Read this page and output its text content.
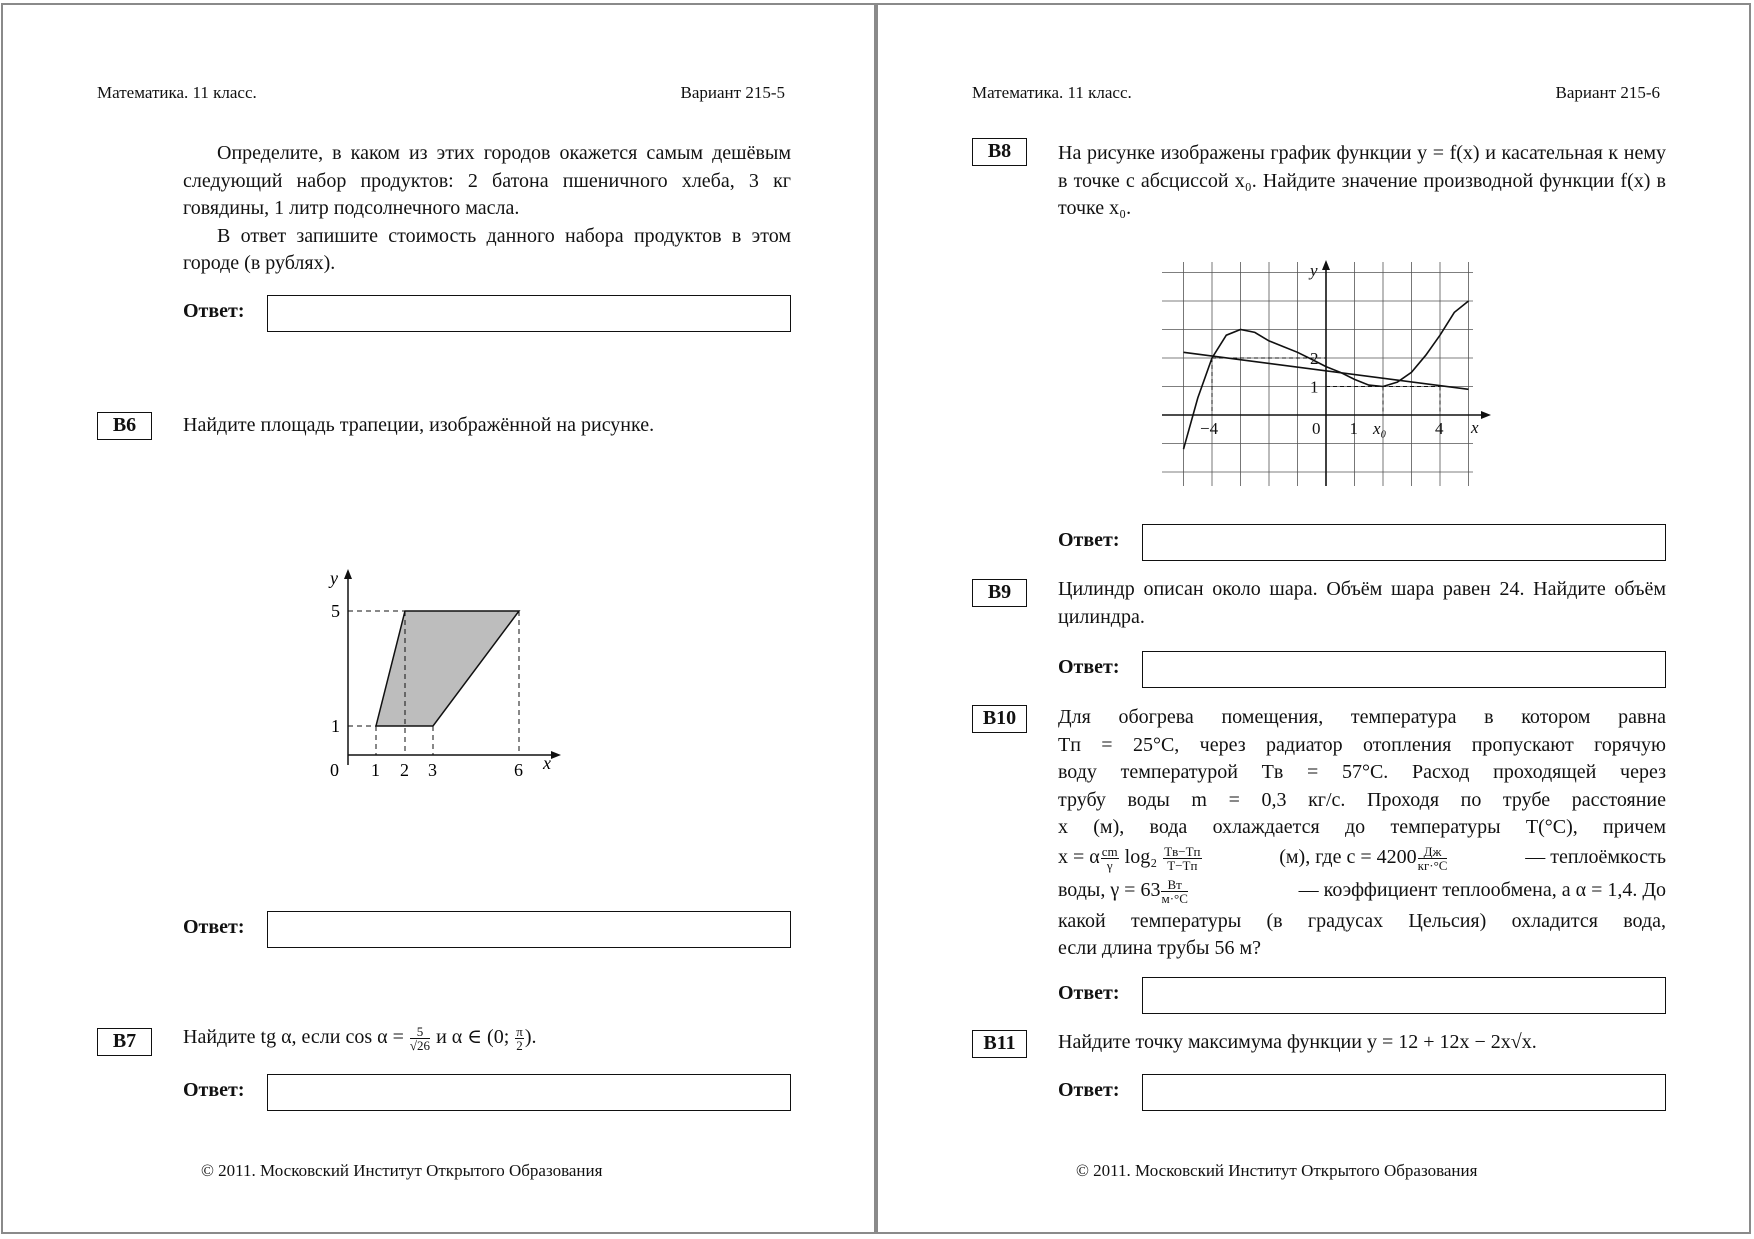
Математика. 11 класс.	Вариант 215-5

Определите, в каком из этих городов окажется самым дешёвым следующий набор продуктов: 2 батона пшеничного хлеба, 3 кг говядины, 1 литр подсолнечного масла.

В ответ запишите стоимость данного набора продуктов в этом городе (в рублях).

Ответ:
B6	Найдите площадь трапеции, изображённой на рисунке.
y
x
5
1
0 1 2 3	6
Ответ:
B7	Найдите tg α, если $\cos \alpha = \frac{5}{√26}$ и α ∈ (0; $\frac{\pi}{2}$ ).
Ответ:
© 2011. Московский Институт Открытого Образования
Математика. 11 класс.	Вариант 215-6
B8	На рисунке изображены график функции y = f(x) и касательная к нему в точке с абсциссой x₀. Найдите значение производной функции f(x) в точке x₀.
y
x
−4	0 1 x₀	4
2
1
Ответ:
B9	Цилиндр описан около шара. Объём шара равен 24. Найдите объём цилиндра.
Ответ:
B10	Для обогрева помещения, температура в котором равна
Tп = 25°C, через радиатор отопления пропускают горячую
воду температурой Tв = 57°C. Расход проходящей через
трубу воды m = 0,3 кг/с. Проходя по трубе расстояние
x (м), вода охлаждается до температуры T(°C), причем
x = α $\frac{cm}{\gamma} \log_2 \frac{Tв-Tп}{T-Tп}$	(м), где $c = 4200 \frac{Дж}{кг\cdot^\circ C}$	— теплоёмкость
воды, $\gamma = 63 \frac{Вт}{м\cdot^\circ C}$	— коэффициент теплообмена, а α = 1,4. До
какой температуры (в градусах Цельсия) охладится вода,
если длина трубы 56 м?
Ответ:
B11	Найдите точку максимума функции y = 12 + 12x − 2x√x.
Ответ:
© 2011. Московский Институт Открытого Образования
